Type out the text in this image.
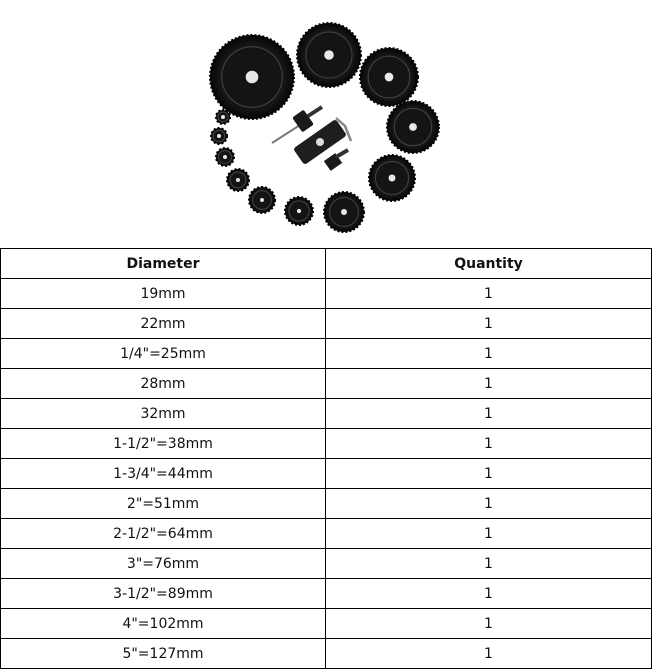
Diameter	Quantity
19mm	1
22mm	1
1/4"=25mm	1
28mm	1
32mm	1
1-1/2"=38mm	1
1-3/4"=44mm	1
2"=51mm	1
2-1/2"=64mm	1
3"=76mm	1
3-1/2"=89mm	1
4"=102mm	1
5"=127mm	1
